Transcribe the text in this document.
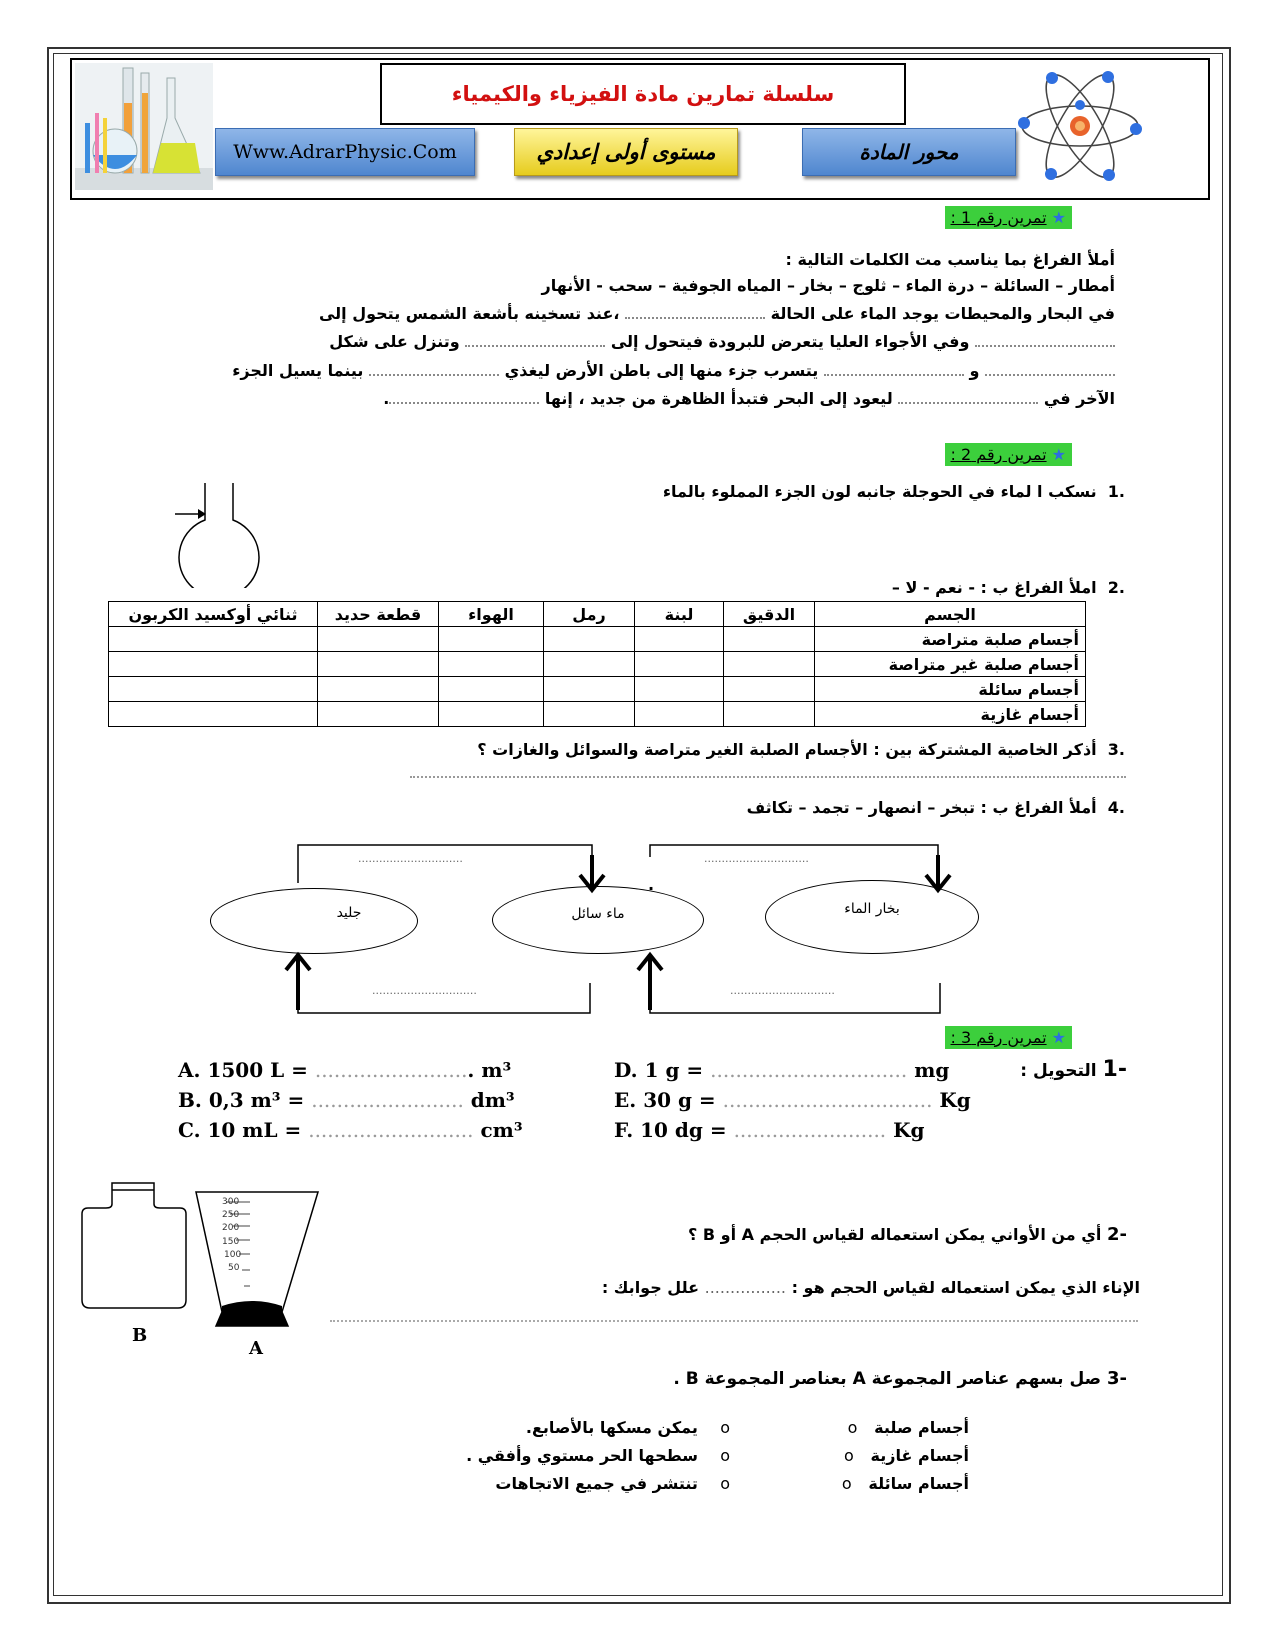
سلسلة تمارين مادة الفيزياء والكيمياء
Www.AdrarPhysic.Com	مستوى أولى إعدادي	محور المادة
★ تمرين رقم 1 :
أملأ الفراغ بما يناسب مت الكلمات التالية :
أمطار – السائلة – درة الماء – ثلوج – بخار – المياه الجوفية – سحب - الأنهار
في البحار والمحيطات يوجد الماء على الحالة  ،عند تسخينه بأشعة الشمس يتحول إلى
وفي الأجواء العليا يتعرض للبرودة فيتحول إلى  وتنزل على شكل
و  يتسرب جزء منها إلى باطن الأرض ليغذي  بينما يسيل الجزء
الآخر في  ليعود إلى البحر فتبدأ الظاهرة من جديد ، إنها .
★ تمرين رقم 2 :
.1  نسكب ا لماء في الحوجلة جانبه لون الجزء المملوء بالماء
.2  املأ الفراغ ب : - نعم - لا –
الجسم	الدقيق	لبنة	رمل	الهواء	قطعة حديد	ثنائي أوكسيد الكربون
أجسام صلبة متراصة						
أجسام صلبة غير متراصة						
أجسام سائلة						
أجسام غازية						
.3  أذكر الخاصية المشتركة بين : الأجسام الصلبة الغير متراصة والسوائل والغازات ؟
.4  أملأ الفراغ ب : تبخر – انصهار – تجمد – تكاثف
..............................	..............................
..............................	..............................
.
جليد	ماء سائل	بخار الماء
★ تمرين رقم 3 :
-1 التحويل :
A. 1500 L = ......................... m³
B. 0,3 m³ = ........................ dm³
C. 10 mL = .......................... cm³
D. 1 g = ............................... mg
E. 30 g = ................................. Kg
F. 10 dg = ........................ Kg
300
250
200
150
100
50
B
A
-2 أي من الأواني يمكن استعماله لقياس الحجم A أو B ؟
الإناء الذي يمكن استعماله لقياس الحجم هو : ................ علل جوابك :
-3 صل بسهم عناصر المجموعة A بعناصر المجموعة B .
أجسام صلبة   o
أجسام غازية   o
أجسام سائلة   o
o    يمكن مسكها بالأصابع.
o    سطحها الحر مستوي وأفقي .
o    تنتشر في جميع الاتجاهات
